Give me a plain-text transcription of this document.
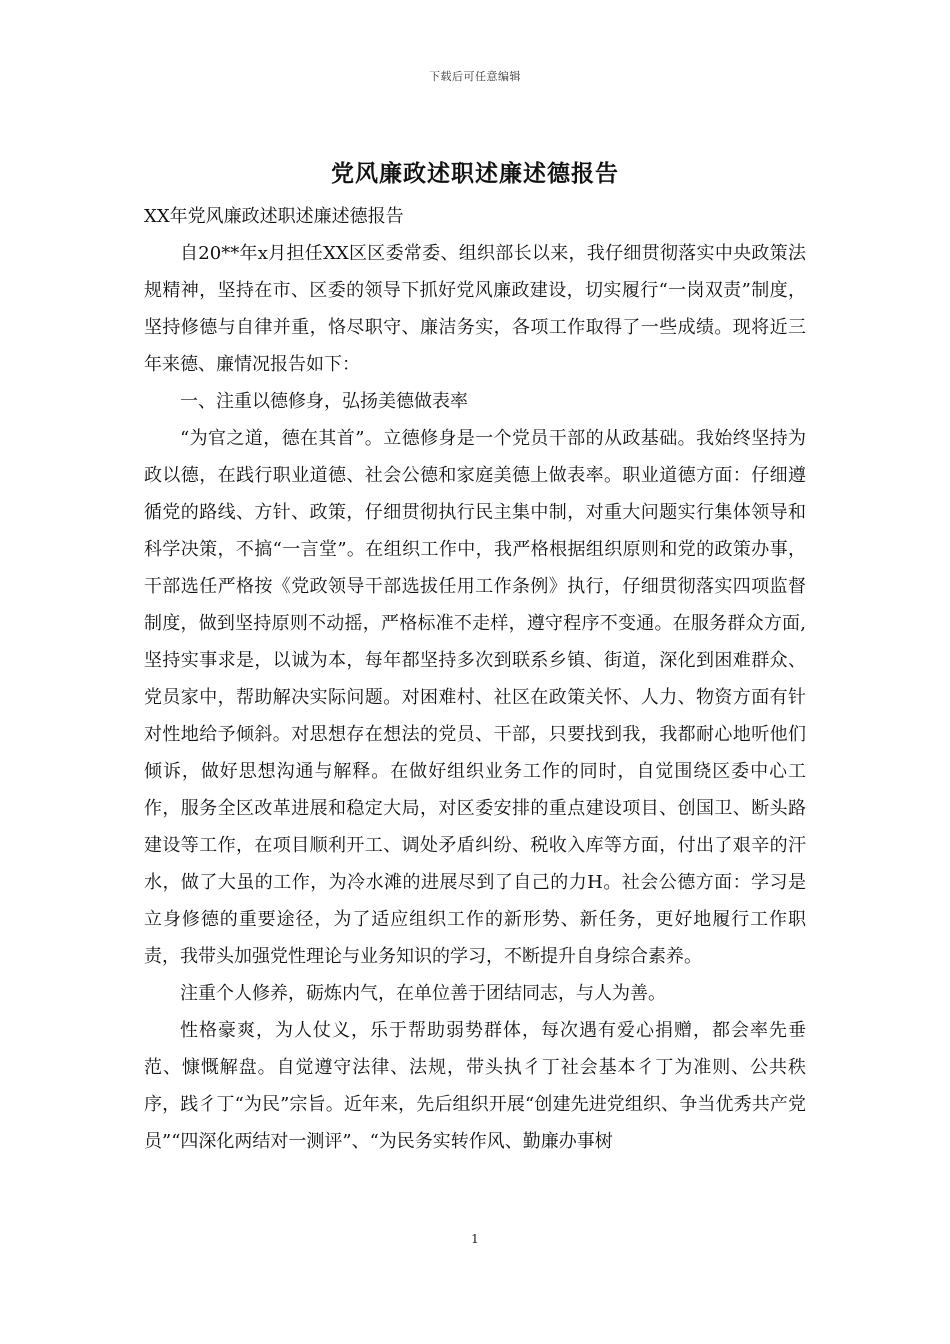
下载后可任意编辑
党风廉政述职述廉述德报告

XX年党风廉政述职述廉述德报告

自20**年x月担任XX区区委常委、组织部长以来，我仔细贯彻落实中央政策法规精神，坚持在市、区委的领导下抓好党风廉政建设，切实履行“一岗双责”制度，坚持修德与自律并重，恪尽职守、廉洁务实，各项工作取得了一些成绩。现将近三年来德、廉情况报告如下：

一、注重以德修身，弘扬美德做表率

“为官之道，德在其首”。立德修身是一个党员干部的从政基础。我始终坚持为政以德，在践行职业道德、社会公德和家庭美德上做表率。职业道德方面：仔细遵循党的路线、方针、政策，仔细贯彻执行民主集中制，对重大问题实行集体领导和科学决策，不搞“一言堂”。在组织工作中，我严格根据组织原则和党的政策办事，干部选任严格按《党政领导干部选拔任用工作条例》执行，仔细贯彻落实四项监督制度，做到坚持原则不动摇，严格标准不走样，遵守程序不变通。在服务群众方面,坚持实事求是，以诚为本，每年都坚持多次到联系乡镇、街道，深化到困难群众、党员家中，帮助解决实际问题。对困难村、社区在政策关怀、人力、物资方面有针对性地给予倾斜。对思想存在想法的党员、干部，只要找到我，我都耐心地听他们倾诉，做好思想沟通与解释。在做好组织业务工作的同时，自觉围绕区委中心工作，服务全区改革进展和稳定大局，对区委安排的重点建设项目、创国卫、断头路建设等工作，在项目顺利开工、调处矛盾纠纷、税收入库等方面，付出了艰辛的汗水，做了大虽的工作，为冷水滩的进展尽到了自己的力H。社会公德方面：学习是立身修德的重要途径，为了适应组织工作的新形势、新任务，更好地履行工作职责，我带头加强党性理论与业务知识的学习，不断提升自身综合素养。

注重个人修养，砺炼内气，在单位善于团结同志，与人为善。

性格豪爽，为人仗义，乐于帮助弱势群体，每次遇有爱心捐赠，都会率先垂范、慷慨解盘。自觉遵守法律、法规，带头执彳丁社会基本彳丁为准则、公共秩序，践彳丁“为民”宗旨。近年来，先后组织开展“创建先进党组织、争当优秀共产党员”“四深化两结对一测评”、“为民务实转作风、勤廉办事树

1
